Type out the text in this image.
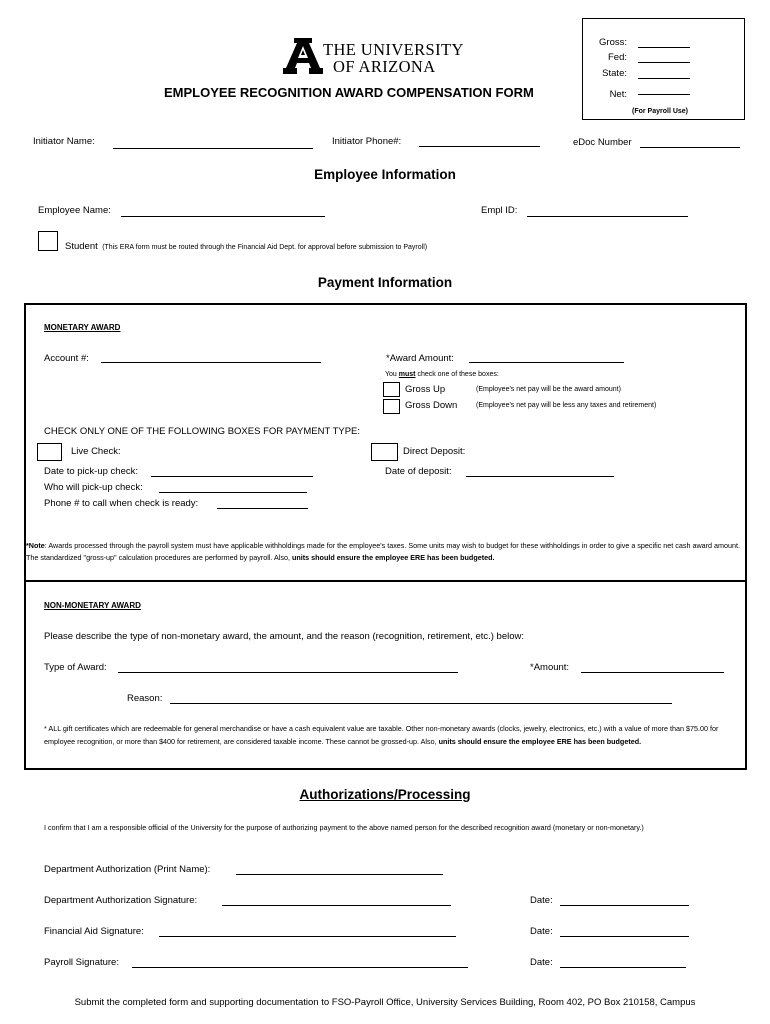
THE UNIVERSITY
OF ARIZONA
EMPLOYEE RECOGNITION AWARD COMPENSATION FORM
Gross:
Fed:
State:
Net:
(For Payroll Use)
Initiator Name:	Initiator Phone#:	eDoc Number
Employee Information
Employee Name:	Empl ID:
Student (This ERA form must be routed through the Financial Aid Dept. for approval before submission to Payroll)
Payment Information
MONETARY AWARD
Account #:	*Award Amount:
You must check one of these boxes:
Gross Up	(Employee's net pay will be the award amount)
Gross Down	(Employee's net pay will be less any taxes and retirement)
CHECK ONLY ONE OF THE FOLLOWING BOXES FOR PAYMENT TYPE:
Live Check:	Direct Deposit:
Date to pick-up check:	Date of deposit:
Who will pick-up check:
Phone # to call when check is ready:
*Note: Awards processed through the payroll system must have applicable withholdings made for the employee's taxes. Some units may wish to budget for these withholdings in order to give a specific net cash award amount. The standardized "gross-up" calculation procedures are performed by payroll. Also, units should ensure the employee ERE has been budgeted.
NON-MONETARY AWARD
Please describe the type of non-monetary award, the amount, and the reason (recognition, retirement, etc.) below:
Type of Award:	*Amount:
Reason:
* ALL gift certificates which are redeemable for general merchandise or have a cash equivalent value are taxable. Other non-monetary awards (clocks, jewelry, electronics, etc.) with a value of more than $75.00 for employee recognition, or more than $400 for retirement, are considered taxable income. These cannot be grossed-up. Also, units should ensure the employee ERE has been budgeted.
Authorizations/Processing
I confirm that I am a responsible official of the University for the purpose of authorizing payment to the above named person for the described recognition award (monetary or non-monetary.)
Department Authorization (Print Name):
Department Authorization Signature:	Date:
Financial Aid Signature:	Date:
Payroll Signature:	Date:
Submit the completed form and supporting documentation to FSO-Payroll Office, University Services Building, Room 402, PO Box 210158, Campus
